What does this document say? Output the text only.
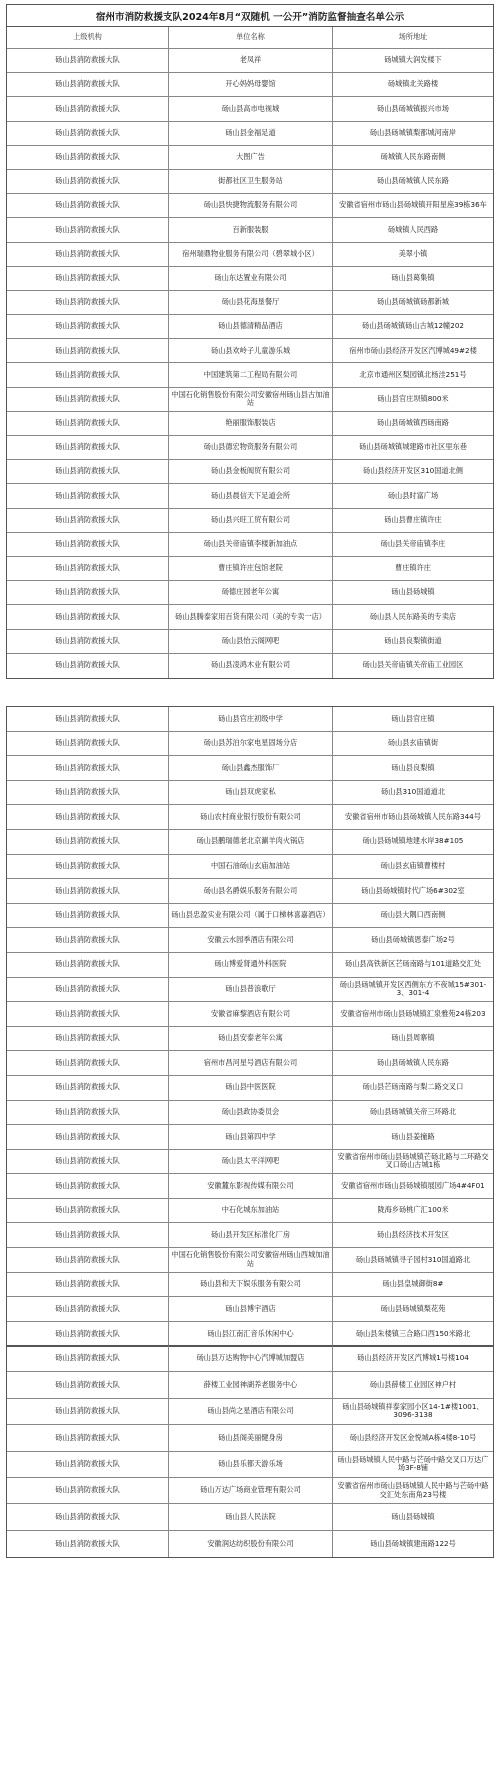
宿州市消防救援支队2024年8月“双随机 一公开”消防监督抽查名单公示
上级机构	单位名称	场所地址
砀山县消防救援大队	老凤祥	砀城镇大润发楼下
砀山县消防救援大队	开心妈妈母婴馆	砀城镇北关路楼
砀山县消防救援大队	砀山县高市电视城	砀山县砀城镇振兴市场
砀山县消防救援大队	砀山县金福足道	砀山县砀城镇梨都城河南岸
砀山县消防救援大队	大图广告	砀城镇人民东路南侧
砀山县消防救援大队	街都社区卫生服务站	砀山县砀城镇人民东路
砀山县消防救援大队	砀山县快捷物流服务有限公司	安徽省宿州市砀山县砀城镇开阳星座39栋36车
砀山县消防救援大队	百新服装服	砀城镇人民西路
砀山县消防救援大队	宿州瑞鼎物业服务有限公司（碧翠城小区）	美翠小镇
砀山县消防救援大队	砀山东达置业有限公司	砀山县葛集镇
砀山县消防救援大队	砀山县花海垦餐厅	砀山县砀城镇砀都新城
砀山县消防救援大队	砀山县德清精品酒店	砀山县砀城镇砀山古城12幢202
砀山县消防救援大队	砀山县欢岭子儿童游乐城	宿州市砀山县经济开发区汽博城49#2楼
砀山县消防救援大队	中国建筑第二工程局有限公司	北京市通州区梨园镇北杨洼251号
砀山县消防救援大队	中国石化销售股份有限公司安徽宿州砀山县古加油站	砀山县官庄坝镇800米
砀山县消防救援大队	艳丽服饰服装店	砀山县砀城镇西砀南路
砀山县消防救援大队	砀山县德宏物资服务有限公司	砀山县砀城镇城建路市社区里东巷
砀山县消防救援大队	砀山县金板阀贸有限公司	砀山县经济开发区310国道北侧
砀山县消防救援大队	砀山县晨信天下足道会所	砀山县时富广场
砀山县消防救援大队	砀山县兴旺工贸有限公司	砀山县曹庄镇许庄
砀山县消防救援大队	砀山县关帝庙镇李楼新加油点	砀山县关帝庙镇李庄
砀山县消防救援大队	曹庄镇许庄包馆老院	曹庄镇许庄
砀山县消防救援大队	砀德庄园老年公寓	砀山县砀城镇
砀山县消防救援大队	砀山县腾泰家用百货有限公司（美的专卖一店）	砀山县人民东路美的专卖店
砀山县消防救援大队	砀山县怡云阁网吧	砀山县良梨镇街道
砀山县消防救援大队	砀山县凌鸿木业有限公司	砀山县关帝庙镇关帝庙工业园区
砀山县消防救援大队	砀山县官庄初级中学	砀山县官庄镇
砀山县消防救援大队	砀山县苏泊尔家电星固场分店	砀山县玄庙镇街
砀山县消防救援大队	砀山县鑫杰服饰厂	砀山县良梨镇
砀山县消防救援大队	砀山县双虎家私	砀山县310国道道北
砀山县消防救援大队	砀山农村商业银行股份有限公司	安徽省宿州市砀山县砀城镇人民东路344号
砀山县消防救援大队	砀山县鹏瑞德老北京涮羊肉火锅店	砀山县砀城镇地建水岸38#105
砀山县消防救援大队	中国石油砀山玄庙加油站	砀山县玄庙镇曹楼村
砀山县消防救援大队	砀山县名爵娱乐服务有限公司	砀山县砀城镇时代广场6#302室
砀山县消防救援大队	砀山县忠盈实业有限公司（属于口梯林喜嘉酒店）	砀山县大隅口西南侧
砀山县消防救援大队	安徽云水园季酒店有限公司	砀山县砀城镇恩泰广场2号
砀山县消防救援大队	砀山博爱肾通外科医院	砀山县高铁新区芒砀南路与101道路交汇处
砀山县消防救援大队	砀山县普浪歌厅	砀山县砀城镇开发区西侧东方不夜城15#301-3、301-4
砀山县消防救援大队	安徽省麻黎酒店有限公司	安徽省宿州市砀山县砀城镇汇泉雅苑24栋203
砀山县消防救援大队	砀山县安泰老年公寓	砀山县周寨镇
砀山县消防救援大队	宿州市昌河星号酒店有限公司	砀山县砀城镇人民东路
砀山县消防救援大队	砀山县中医医院	砀山县芒砀南路与梨二路交叉口
砀山县消防救援大队	砀山县政协委员会	砀山县砀城镇关帝三环路北
砀山县消防救援大队	砀山县第四中学	砀山县姜撞路
砀山县消防救援大队	砀山县太平洋网吧	安徽省宿州市砀山县砀城镇芒砀北路与二环路交叉口砀山古城1栋
砀山县消防救援大队	安徽麓东影视传媒有限公司	安徽省宿州市砀山县砀城镇展园广场4#4F01
砀山县消防救援大队	中石化城东加油站	陇海乡砀桃广汇100米
砀山县消防救援大队	砀山县开发区标准化厂房	砀山县经济技术开发区
砀山县消防救援大队	中国石化销售股份有限公司安徽宿州砀山西城加油站	砀山县砀城镇寻子园村310国道路北
砀山县消防救援大队	砀山县和天下娱乐服务有限公司	砀山县皇城御街8#
砀山县消防救援大队	砀山县博宇酒店	砀山县砀城镇梨花苑
砀山县消防救援大队	砀山县江南汇音乐休闲中心	砀山县朱楼镇三合路口西150米路北
砀山县消防救援大队	砀山县万达购物中心汽博城加盟店	砀山县经济开发区汽博城1号楼104
砀山县消防救援大队	薛楼工业园神湖养老服务中心	砀山县薛楼工业园区神户村
砀山县消防救援大队	砀山县尚之星酒店有限公司	砀山县砀城镇祥泰家园小区14-1#楼1001、3096-3138
砀山县消防救援大队	砀山县阁美丽健身房	砀山县经济开发区金悦城A栋4楼8-10号
砀山县消防救援大队	砀山县乐都天游乐场	砀山县砀城镇人民中路与芒砀中路交叉口万达广场3F-8铺
砀山县消防救援大队	砀山万达广场商业管理有限公司	安徽省宿州市砀山县砀城镇人民中路与芒砀中路交汇处东南角23号楼
砀山县消防救援大队	砀山县人民法院	砀山县砀城镇
砀山县消防救援大队	安徽润达纺织股份有限公司	砀山县砀城镇建南路122号
